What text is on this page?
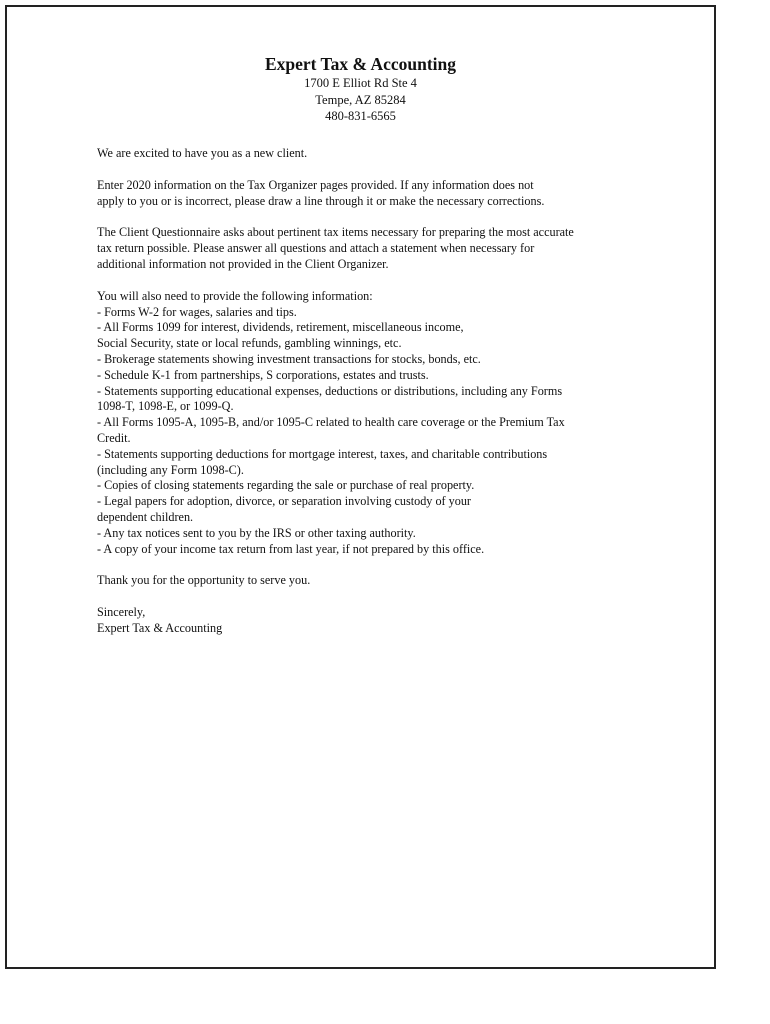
Expert Tax & Accounting
1700 E Elliot Rd Ste 4
Tempe, AZ 85284
480-831-6565

We are excited to have you as a new client.

Enter 2020 information on the Tax Organizer pages provided. If any information does not
apply to you or is incorrect, please draw a line through it or make the necessary corrections.

The Client Questionnaire asks about pertinent tax items necessary for preparing the most accurate
tax return possible. Please answer all questions and attach a statement when necessary for
additional information not provided in the Client Organizer.

You will also need to provide the following information:
- Forms W-2 for wages, salaries and tips.
- All Forms 1099 for interest, dividends, retirement, miscellaneous income,
Social Security, state or local refunds, gambling winnings, etc.
- Brokerage statements showing investment transactions for stocks, bonds, etc.
- Schedule K-1 from partnerships, S corporations, estates and trusts.
- Statements supporting educational expenses, deductions or distributions, including any Forms
1098-T, 1098-E, or 1099-Q.
- All Forms 1095-A, 1095-B, and/or 1095-C related to health care coverage or the Premium Tax
Credit.
- Statements supporting deductions for mortgage interest, taxes, and charitable contributions
(including any Form 1098-C).
- Copies of closing statements regarding the sale or purchase of real property.
- Legal papers for adoption, divorce, or separation involving custody of your
dependent children.
- Any tax notices sent to you by the IRS or other taxing authority.
- A copy of your income tax return from last year, if not prepared by this office.

Thank you for the opportunity to serve you.

Sincerely,
Expert Tax & Accounting
